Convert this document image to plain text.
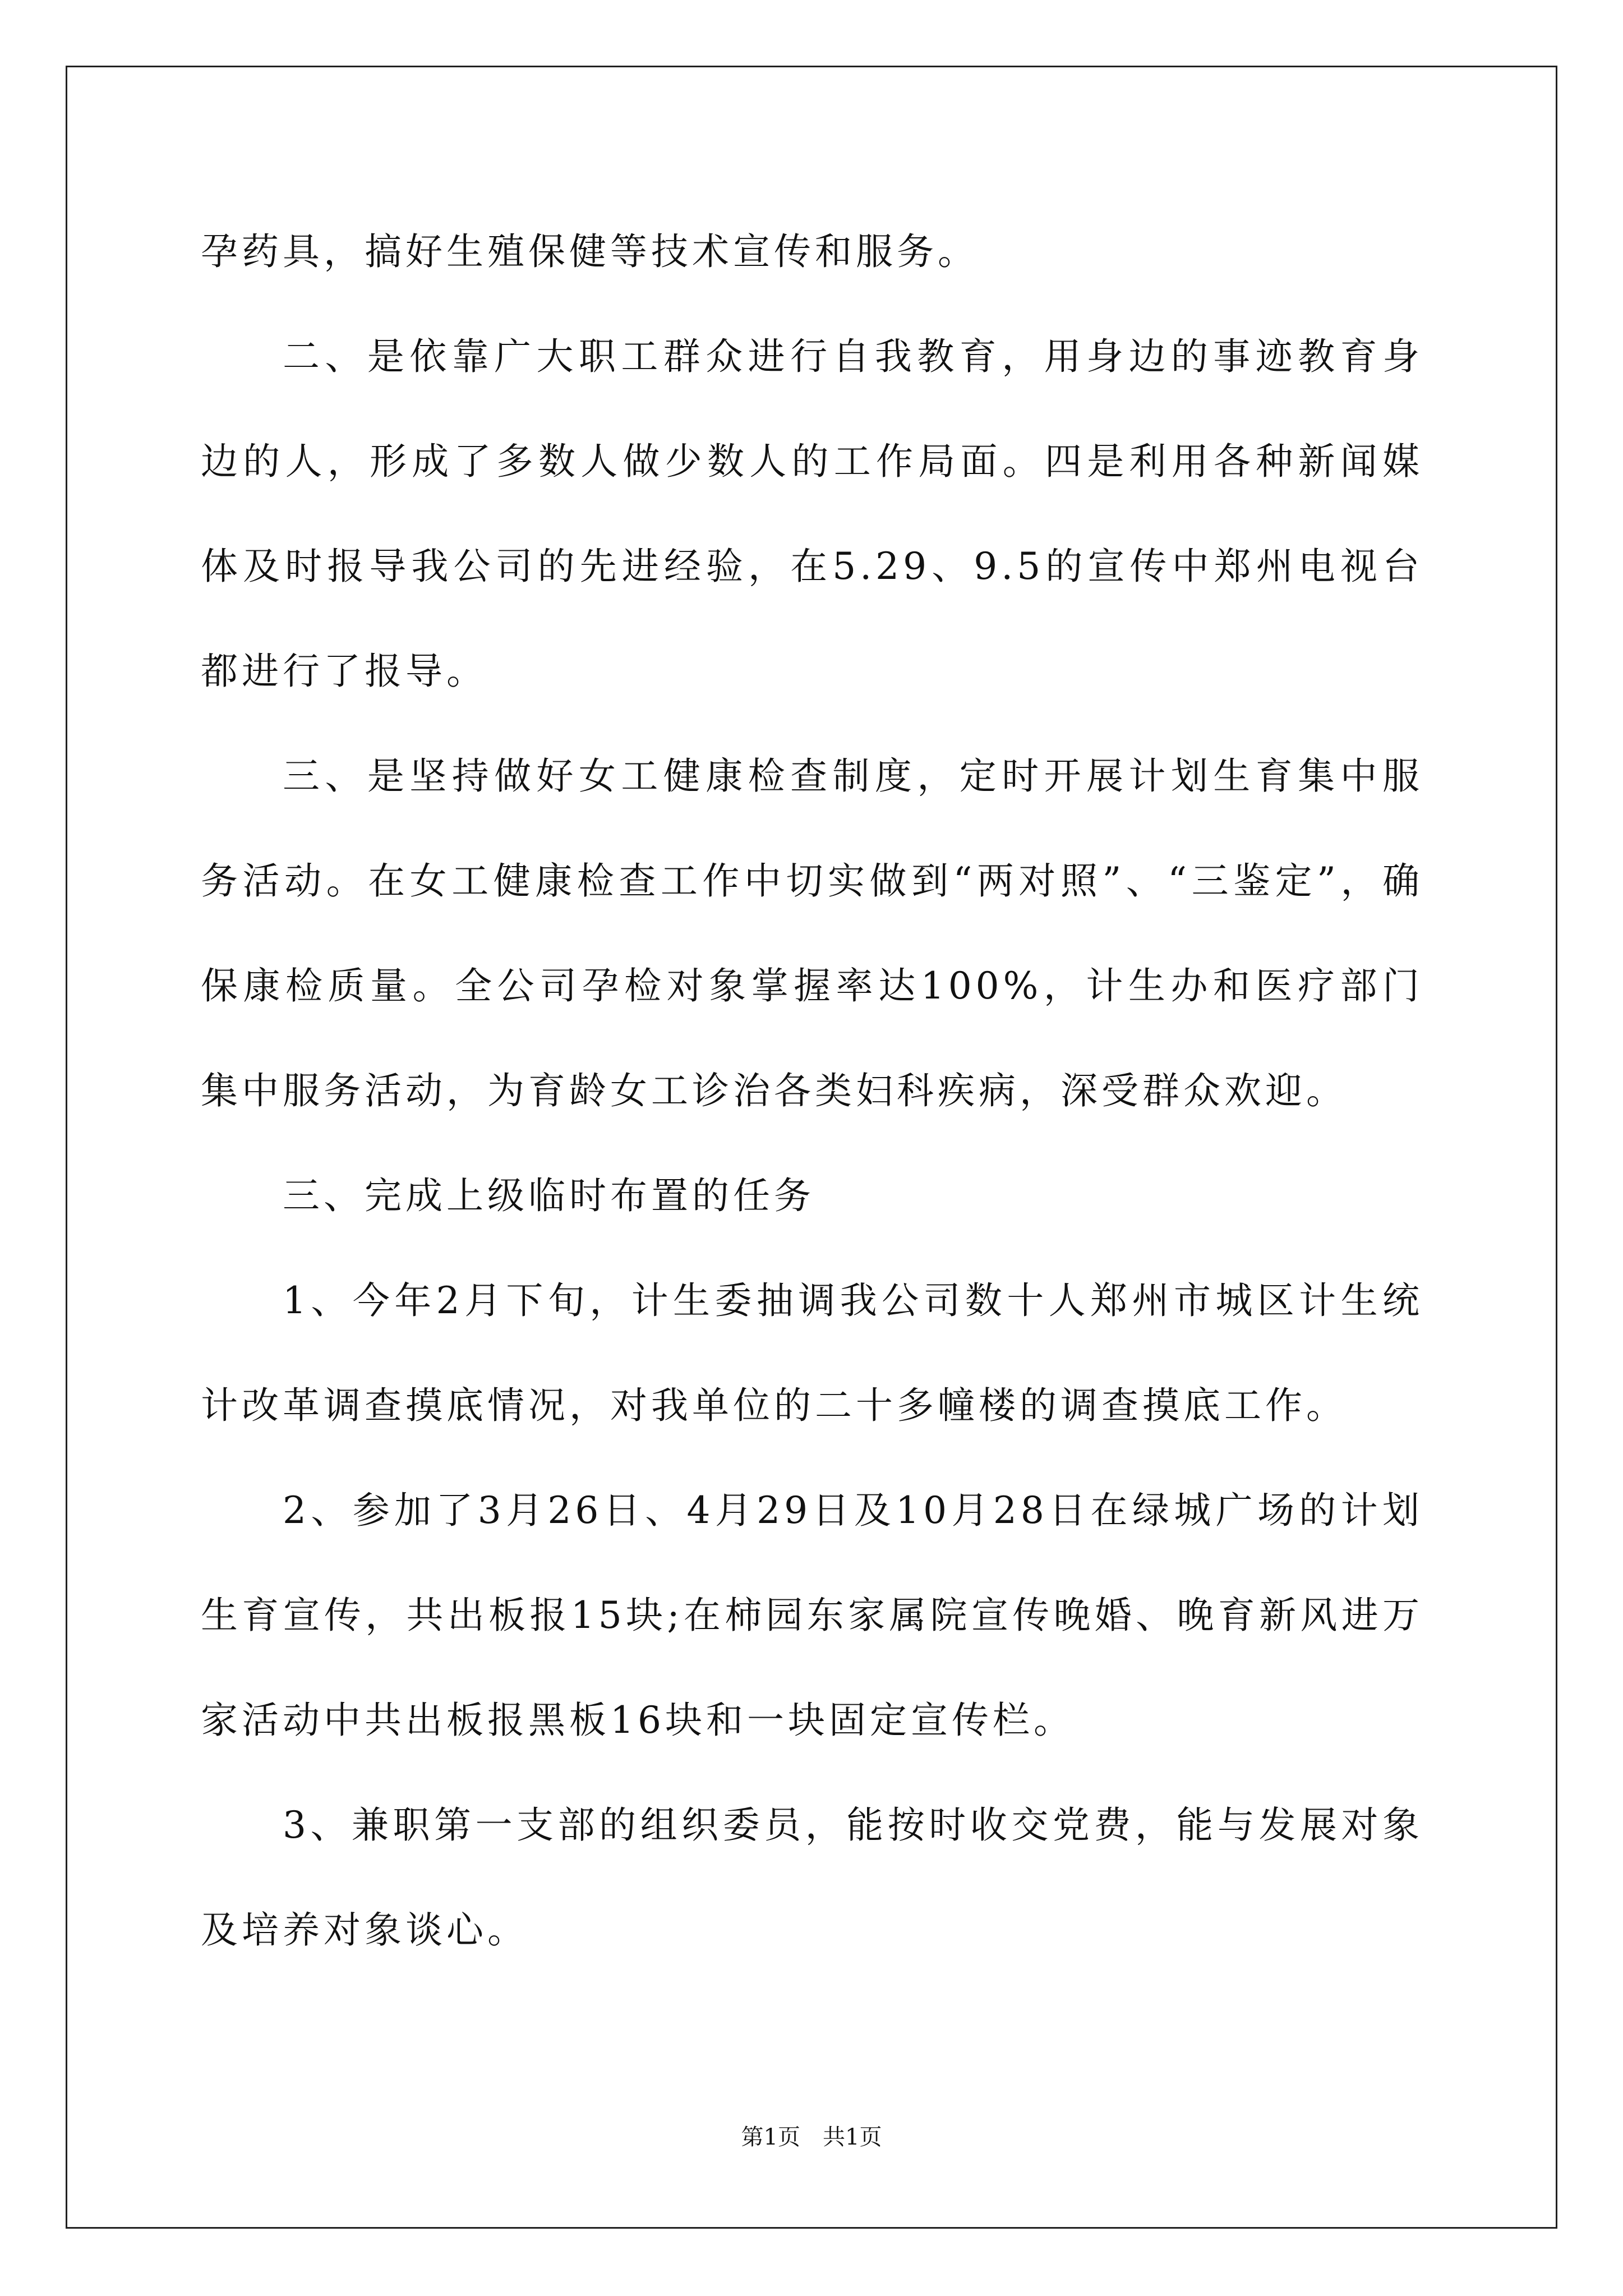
孕药具，搞好生殖保健等技术宣传和服务。

二、是依靠广大职工群众进行自我教育，用身边的事迹教育身边的人，形成了多数人做少数人的工作局面。四是利用各种新闻媒体及时报导我公司的先进经验，在5.29、9.5的宣传中郑州电视台都进行了报导。

三、是坚持做好女工健康检查制度，定时开展计划生育集中服务活动。在女工健康检查工作中切实做到“两对照”、“三鉴定”，确保康检质量。全公司孕检对象掌握率达100%，计生办和医疗部门集中服务活动，为育龄女工诊治各类妇科疾病，深受群众欢迎。

三、完成上级临时布置的任务

1、今年2月下旬，计生委抽调我公司数十人郑州市城区计生统计改革调查摸底情况，对我单位的二十多幢楼的调查摸底工作。

2、参加了3月26日、4月29日及10月28日在绿城广场的计划生育宣传，共出板报15块;在柿园东家属院宣传晚婚、晚育新风进万家活动中共出板报黑板16块和一块固定宣传栏。

3、兼职第一支部的组织委员，能按时收交党费，能与发展对象及培养对象谈心。

第1页　共1页
